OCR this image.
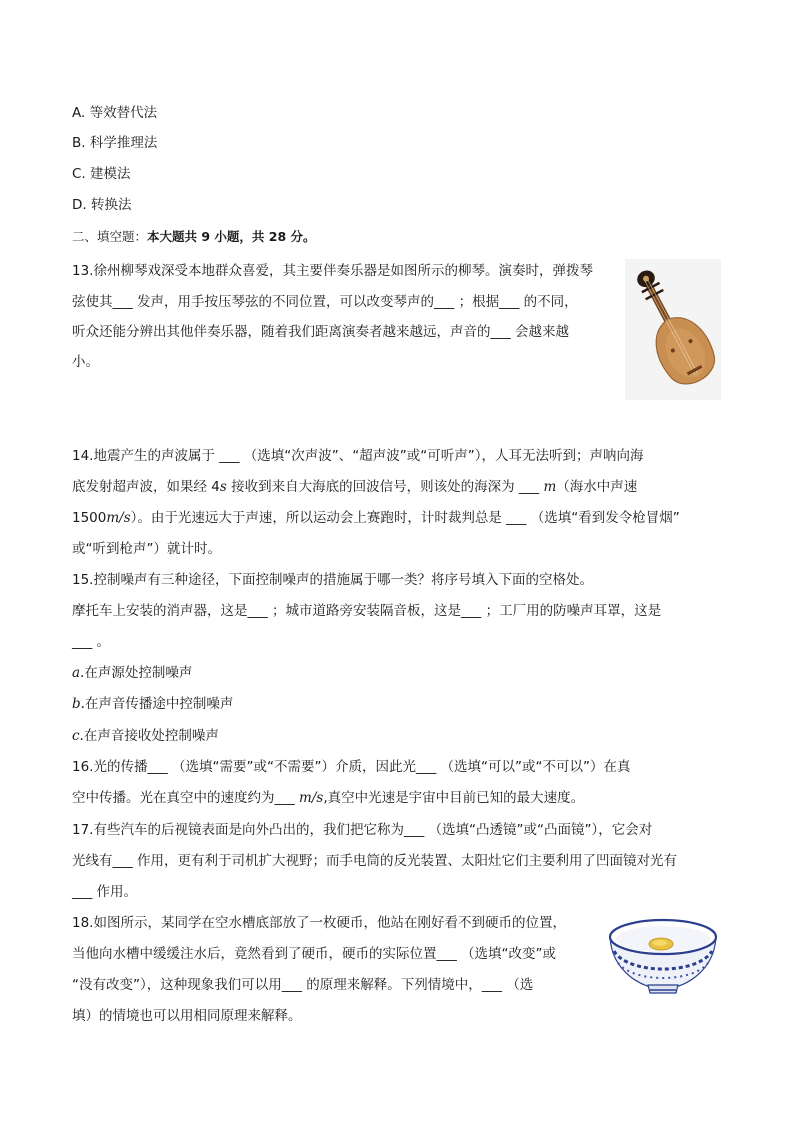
A. 等效替代法
B. 科学推理法
C. 建模法
D. 转换法
二、填空题：本大题共 9 小题，共 28 分。
13.徐州柳琴戏深受本地群众喜爱，其主要伴奏乐器是如图所示的柳琴。演奏时，弹拨琴
弦使其___ 发声，用手按压琴弦的不同位置，可以改变琴声的___ ；根据___ 的不同，
听众还能分辨出其他伴奏乐器，随着我们距离演奏者越来越远，声音的___ 会越来越
小。
14.地震产生的声波属于 ___ （选填“次声波”、“超声波”或“可听声”），人耳无法听到；声呐向海
底发射超声波，如果经 4s 接收到来自大海底的回波信号，则该处的海深为 ___ m（海水中声速
1500m/s）。由于光速远大于声速，所以运动会上赛跑时，计时裁判总是 ___ （选填“看到发令枪冒烟”
或“听到枪声”）就计时。
15.控制噪声有三种途径，下面控制噪声的措施属于哪一类？将序号填入下面的空格处。
摩托车上安装的消声器，这是___ ；城市道路旁安装隔音板，这是___ ；工厂用的防噪声耳罩，这是
___ 。
a.在声源处控制噪声
b.在声音传播途中控制噪声
c.在声音接收处控制噪声
16.光的传播___ （选填“需要”或“不需要”）介质，因此光___ （选填“可以”或“不可以”）在真
空中传播。光在真空中的速度约为___ m/s,真空中光速是宇宙中目前已知的最大速度。
17.有些汽车的后视镜表面是向外凸出的，我们把它称为___ （选填“凸透镜”或“凸面镜”），它会对
光线有___ 作用，更有利于司机扩大视野；而手电筒的反光装置、太阳灶它们主要利用了凹面镜对光有
___ 作用。
18.如图所示，某同学在空水槽底部放了一枚硬币，他站在刚好看不到硬币的位置，
当他向水槽中缓缓注水后，竟然看到了硬币，硬币的实际位置___ （选填“改变”或
“没有改变”），这种现象我们可以用___ 的原理来解释。下列情境中，___ （选
填）的情境也可以用相同原理来解释。
